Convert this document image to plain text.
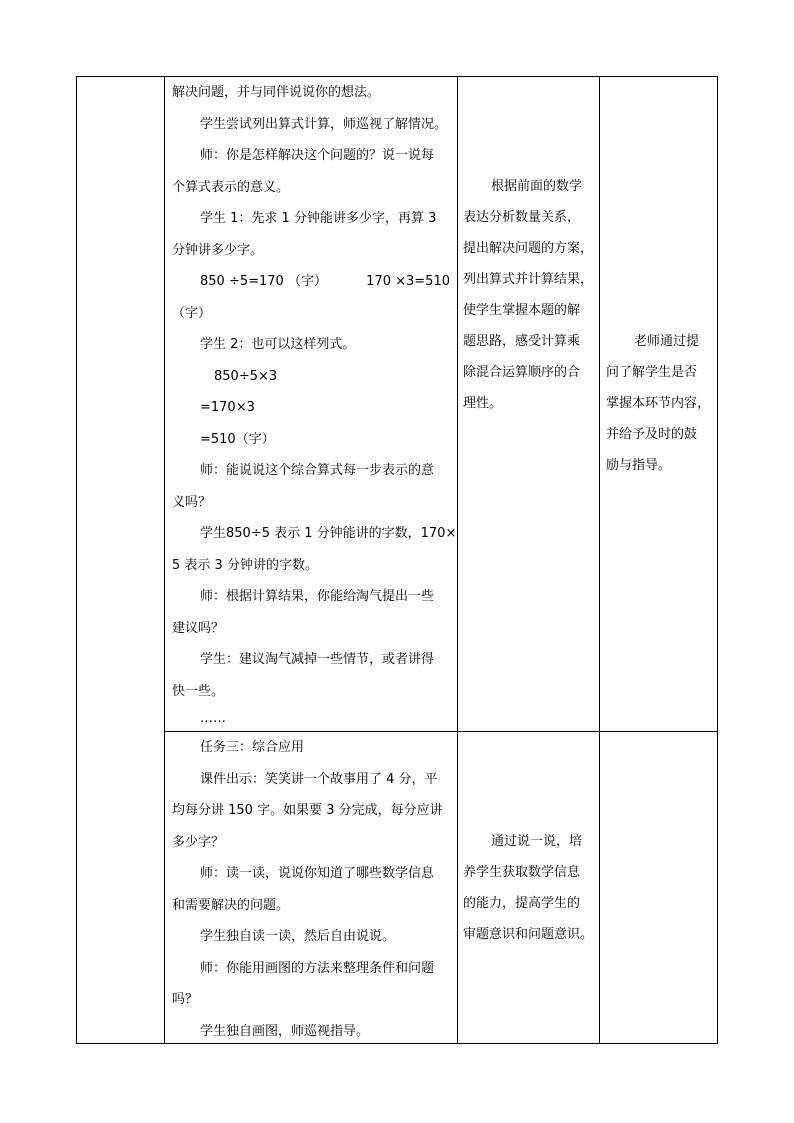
解决问题，并与同伴说说你的想法。

学生尝试列出算式计算，师巡视了解情况。

师：你是怎样解决这个问题的？说一说每

个算式表示的意义。

学生 1：先求 1 分钟能讲多少字，再算 3

分钟讲多少字。

850 ÷5=170 （字）	170 ×3=510

（字）

学生 2：也可以这样列式。

850÷5×3

=170×3

=510（字）

师：能说说这个综合算式每一步表示的意

义吗？

学生850÷5 表示 1 分钟能讲的字数，170×

5 表示 3 分钟讲的字数。

师：根据计算结果，你能给淘气提出一些

建议吗？

学生：建议淘气减掉一些情节，或者讲得

快一些。

……

根据前面的数学

表达分析数量关系，

提出解决问题的方案，

列出算式并计算结果，

使学生掌握本题的解

题思路，感受计算乘

除混合运算顺序的合

理性。

老师通过提

问了解学生是否

掌握本环节内容，

并给予及时的鼓

励与指导。

任务三：综合应用

课件出示：笑笑讲一个故事用了 4 分，平

均每分讲 150 字。如果要 3 分完成，每分应讲

多少字？

师：读一读，说说你知道了哪些数学信息

和需要解决的问题。

学生独自读一读，然后自由说说。

师：你能用画图的方法来整理条件和问题

吗？

学生独自画图，师巡视指导。

通过说一说，培

养学生获取数学信息

的能力，提高学生的

审题意识和问题意识。
